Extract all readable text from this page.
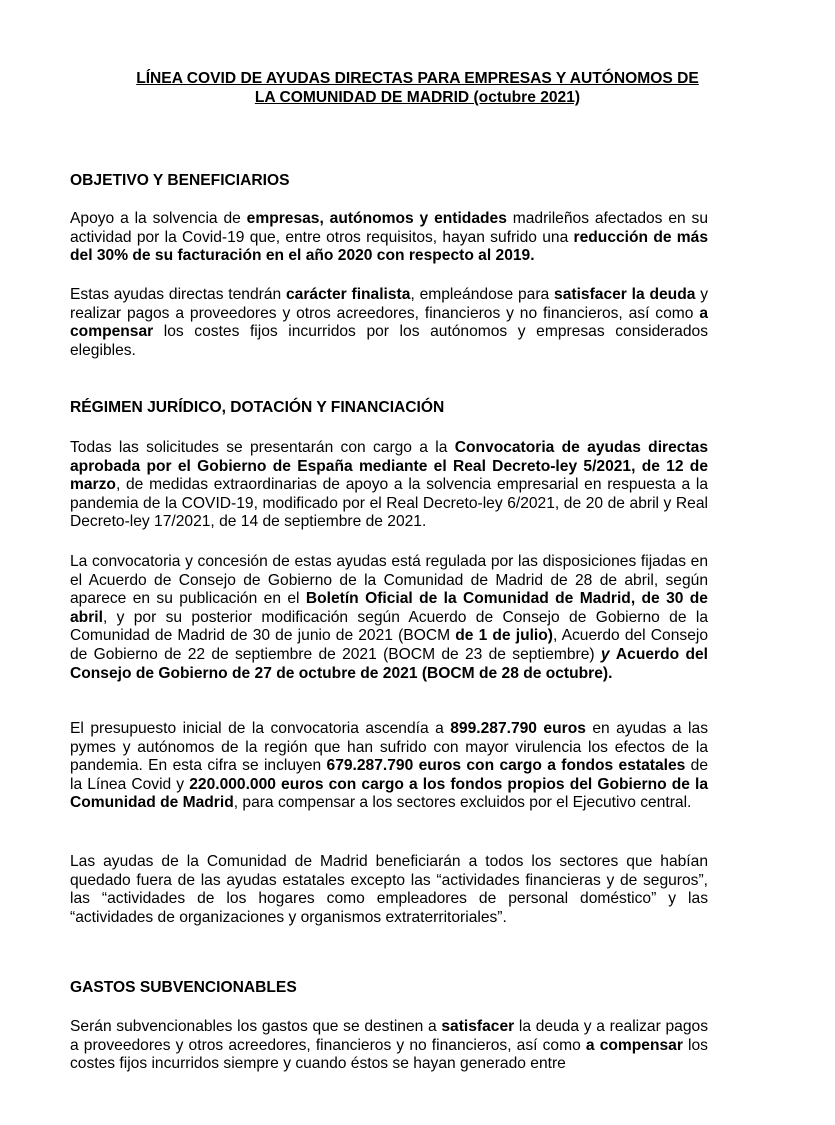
LÍNEA COVID DE AYUDAS DIRECTAS PARA EMPRESAS Y AUTÓNOMOS DE
LA COMUNIDAD DE MADRID (octubre 2021)
OBJETIVO Y BENEFICIARIOS

Apoyo a la solvencia de empresas, autónomos y entidades madrileños afectados en su actividad por la Covid-19 que, entre otros requisitos, hayan sufrido una reducción de más del 30% de su facturación en el año 2020 con respecto al 2019.

Estas ayudas directas tendrán carácter finalista, empleándose para satisfacer la deuda y realizar pagos a proveedores y otros acreedores, financieros y no financieros, así como a compensar los costes fijos incurridos por los autónomos y empresas considerados elegibles.

RÉGIMEN JURÍDICO, DOTACIÓN Y FINANCIACIÓN

Todas las solicitudes se presentarán con cargo a la Convocatoria de ayudas directas aprobada por el Gobierno de España mediante el Real Decreto-ley 5/2021, de 12 de marzo, de medidas extraordinarias de apoyo a la solvencia empresarial en respuesta a la pandemia de la COVID-19, modificado por el Real Decreto-ley 6/2021, de 20 de abril y Real Decreto-ley 17/2021, de 14 de septiembre de 2021.

La convocatoria y concesión de estas ayudas está regulada por las disposiciones fijadas en el Acuerdo de Consejo de Gobierno de la Comunidad de Madrid de 28 de abril, según aparece en su publicación en el Boletín Oficial de la Comunidad de Madrid, de 30 de abril, y por su posterior modificación según Acuerdo de Consejo de Gobierno de la Comunidad de Madrid de 30 de junio de 2021 (BOCM de 1 de julio), Acuerdo del Consejo de Gobierno de 22 de septiembre de 2021 (BOCM de 23 de septiembre) y Acuerdo del Consejo de Gobierno de 27 de octubre de 2021 (BOCM de 28 de octubre).

El presupuesto inicial de la convocatoria ascendía a 899.287.790 euros en ayudas a las pymes y autónomos de la región que han sufrido con mayor virulencia los efectos de la pandemia. En esta cifra se incluyen 679.287.790 euros con cargo a fondos estatales de la Línea Covid y 220.000.000 euros con cargo a los fondos propios del Gobierno de la Comunidad de Madrid, para compensar a los sectores excluidos por el Ejecutivo central.

Las ayudas de la Comunidad de Madrid beneficiarán a todos los sectores que habían quedado fuera de las ayudas estatales excepto las “actividades financieras y de seguros”, las “actividades de los hogares como empleadores de personal doméstico” y las “actividades de organizaciones y organismos extraterritoriales”.

GASTOS SUBVENCIONABLES

Serán subvencionables los gastos que se destinen a satisfacer la deuda y a realizar pagos a proveedores y otros acreedores, financieros y no financieros, así como a compensar los costes fijos incurridos siempre y cuando éstos se hayan generado entre
